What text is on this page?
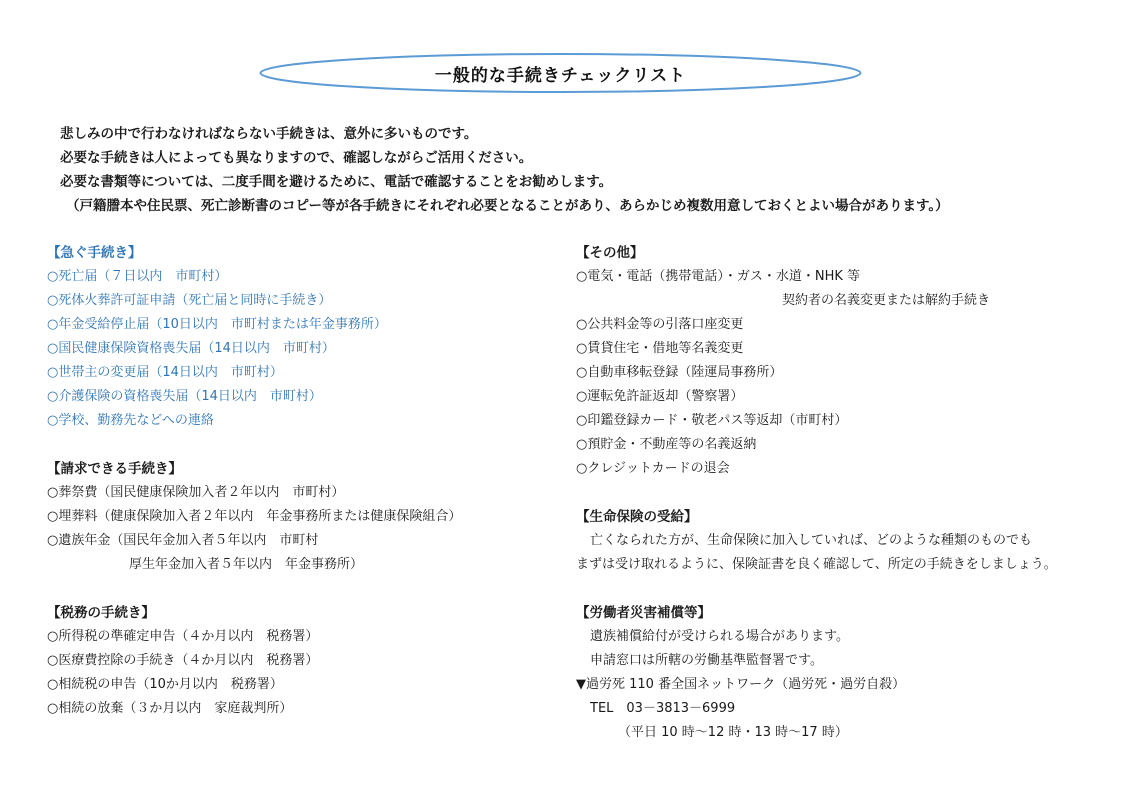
一般的な手続きチェックリスト
悲しみの中で行わなければならない手続きは、意外に多いものです。
必要な手続きは人によっても異なりますので、確認しながらご活用ください。
必要な書類等については、二度手間を避けるために、電話で確認することをお勧めします。
（戸籍謄本や住民票、死亡診断書のコピー等が各手続きにそれぞれ必要となることがあり、あらかじめ複数用意しておくとよい場合があります。）
【急ぐ手続き】
○死亡届（７日以内　市町村）
○死体火葬許可証申請（死亡届と同時に手続き）
○年金受給停止届（10日以内　市町村または年金事務所）
○国民健康保険資格喪失届（14日以内　市町村）
○世帯主の変更届（14日以内　市町村）
○介護保険の資格喪失届（14日以内　市町村）
○学校、勤務先などへの連絡
【請求できる手続き】
○葬祭費（国民健康保険加入者２年以内　市町村）
○埋葬料（健康保険加入者２年以内　年金事務所または健康保険組合）
○遺族年金（国民年金加入者５年以内　市町村
厚生年金加入者５年以内　年金事務所）
【税務の手続き】
○所得税の準確定申告（４か月以内　税務署）
○医療費控除の手続き（４か月以内　税務署）
○相続税の申告（10か月以内　税務署）
○相続の放棄（３か月以内　家庭裁判所）
【その他】
○電気・電話（携帯電話）・ガス・水道・NHK 等
契約者の名義変更または解約手続き
○公共料金等の引落口座変更
○賃貸住宅・借地等名義変更
○自動車移転登録（陸運局事務所）
○運転免許証返却（警察署）
○印鑑登録カード・敬老パス等返却（市町村）
○預貯金・不動産等の名義返納
○クレジットカードの退会
【生命保険の受給】
亡くなられた方が、生命保険に加入していれば、どのような種類のものでも
まずは受け取れるように、保険証書を良く確認して、所定の手続きをしましょう。
【労働者災害補償等】
遺族補償給付が受けられる場合があります。
申請窓口は所轄の労働基準監督署です。
▼過労死 110 番全国ネットワーク（過労死・過労自殺）
TEL　03－3813－6999
（平日 10 時～12 時・13 時～17 時）
